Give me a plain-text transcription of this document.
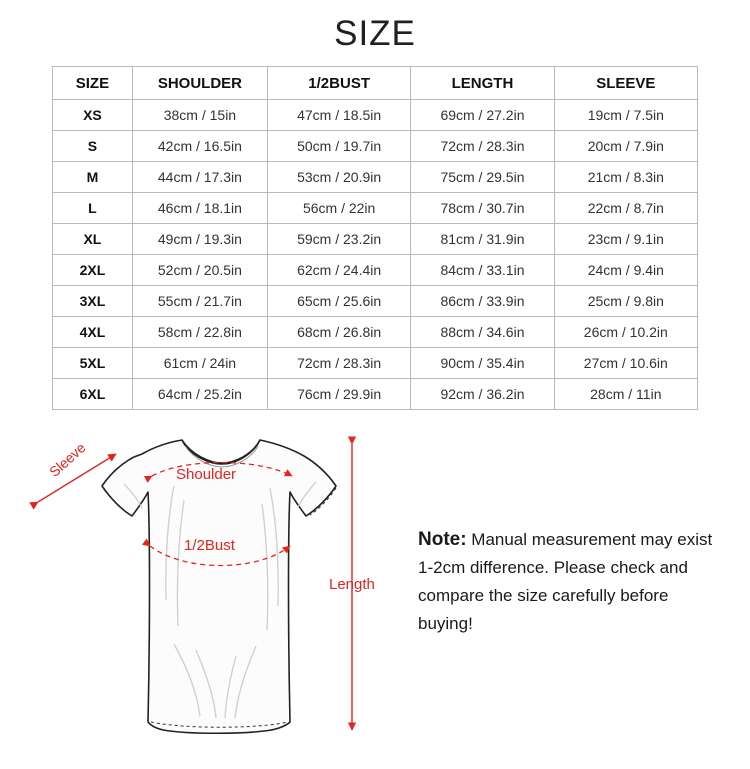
SIZE
SIZE	SHOULDER	1/2BUST	LENGTH	SLEEVE
XS	38cm / 15in	47cm / 18.5in	69cm / 27.2in	19cm / 7.5in
S	42cm / 16.5in	50cm / 19.7in	72cm / 28.3in	20cm / 7.9in
M	44cm / 17.3in	53cm / 20.9in	75cm / 29.5in	21cm / 8.3in
L	46cm / 18.1in	56cm / 22in	78cm / 30.7in	22cm / 8.7in
XL	49cm / 19.3in	59cm / 23.2in	81cm / 31.9in	23cm / 9.1in
2XL	52cm / 20.5in	62cm / 24.4in	84cm / 33.1in	24cm / 9.4in
3XL	55cm / 21.7in	65cm / 25.6in	86cm / 33.9in	25cm / 9.8in
4XL	58cm / 22.8in	68cm / 26.8in	88cm / 34.6in	26cm / 10.2in
5XL	61cm / 24in	72cm / 28.3in	90cm / 35.4in	27cm / 10.6in
6XL	64cm / 25.2in	76cm / 29.9in	92cm / 36.2in	28cm / 11in
Sleeve	Shoulder
1/2Bust
Length
Note: Manual measurement may exist 1-2cm difference. Please check and compare the size carefully before buying!
